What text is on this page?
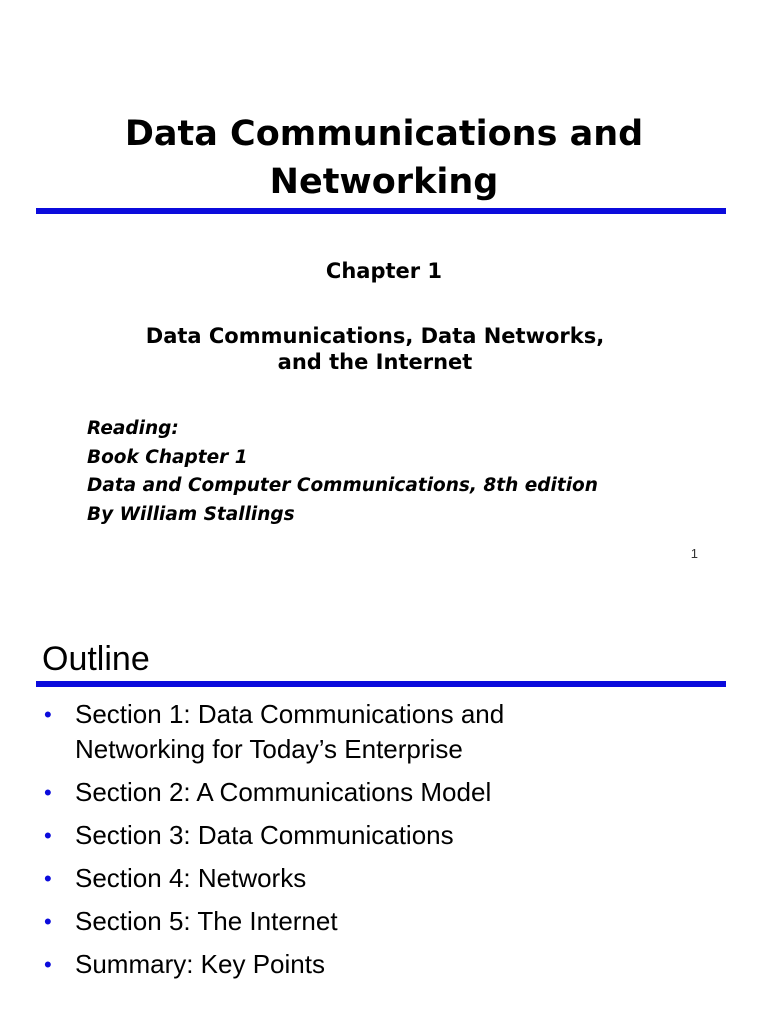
Data Communications and
Networking

Chapter 1

Data Communications, Data Networks,
and the Internet

Reading:
Book Chapter 1
Data and Computer Communications, 8th edition
By William Stallings
1
Outline
• Section 1: Data Communications and
Networking for Today’s Enterprise
• Section 2: A Communications Model
• Section 3: Data Communications
• Section 4: Networks
• Section 5: The Internet
• Summary: Key Points
